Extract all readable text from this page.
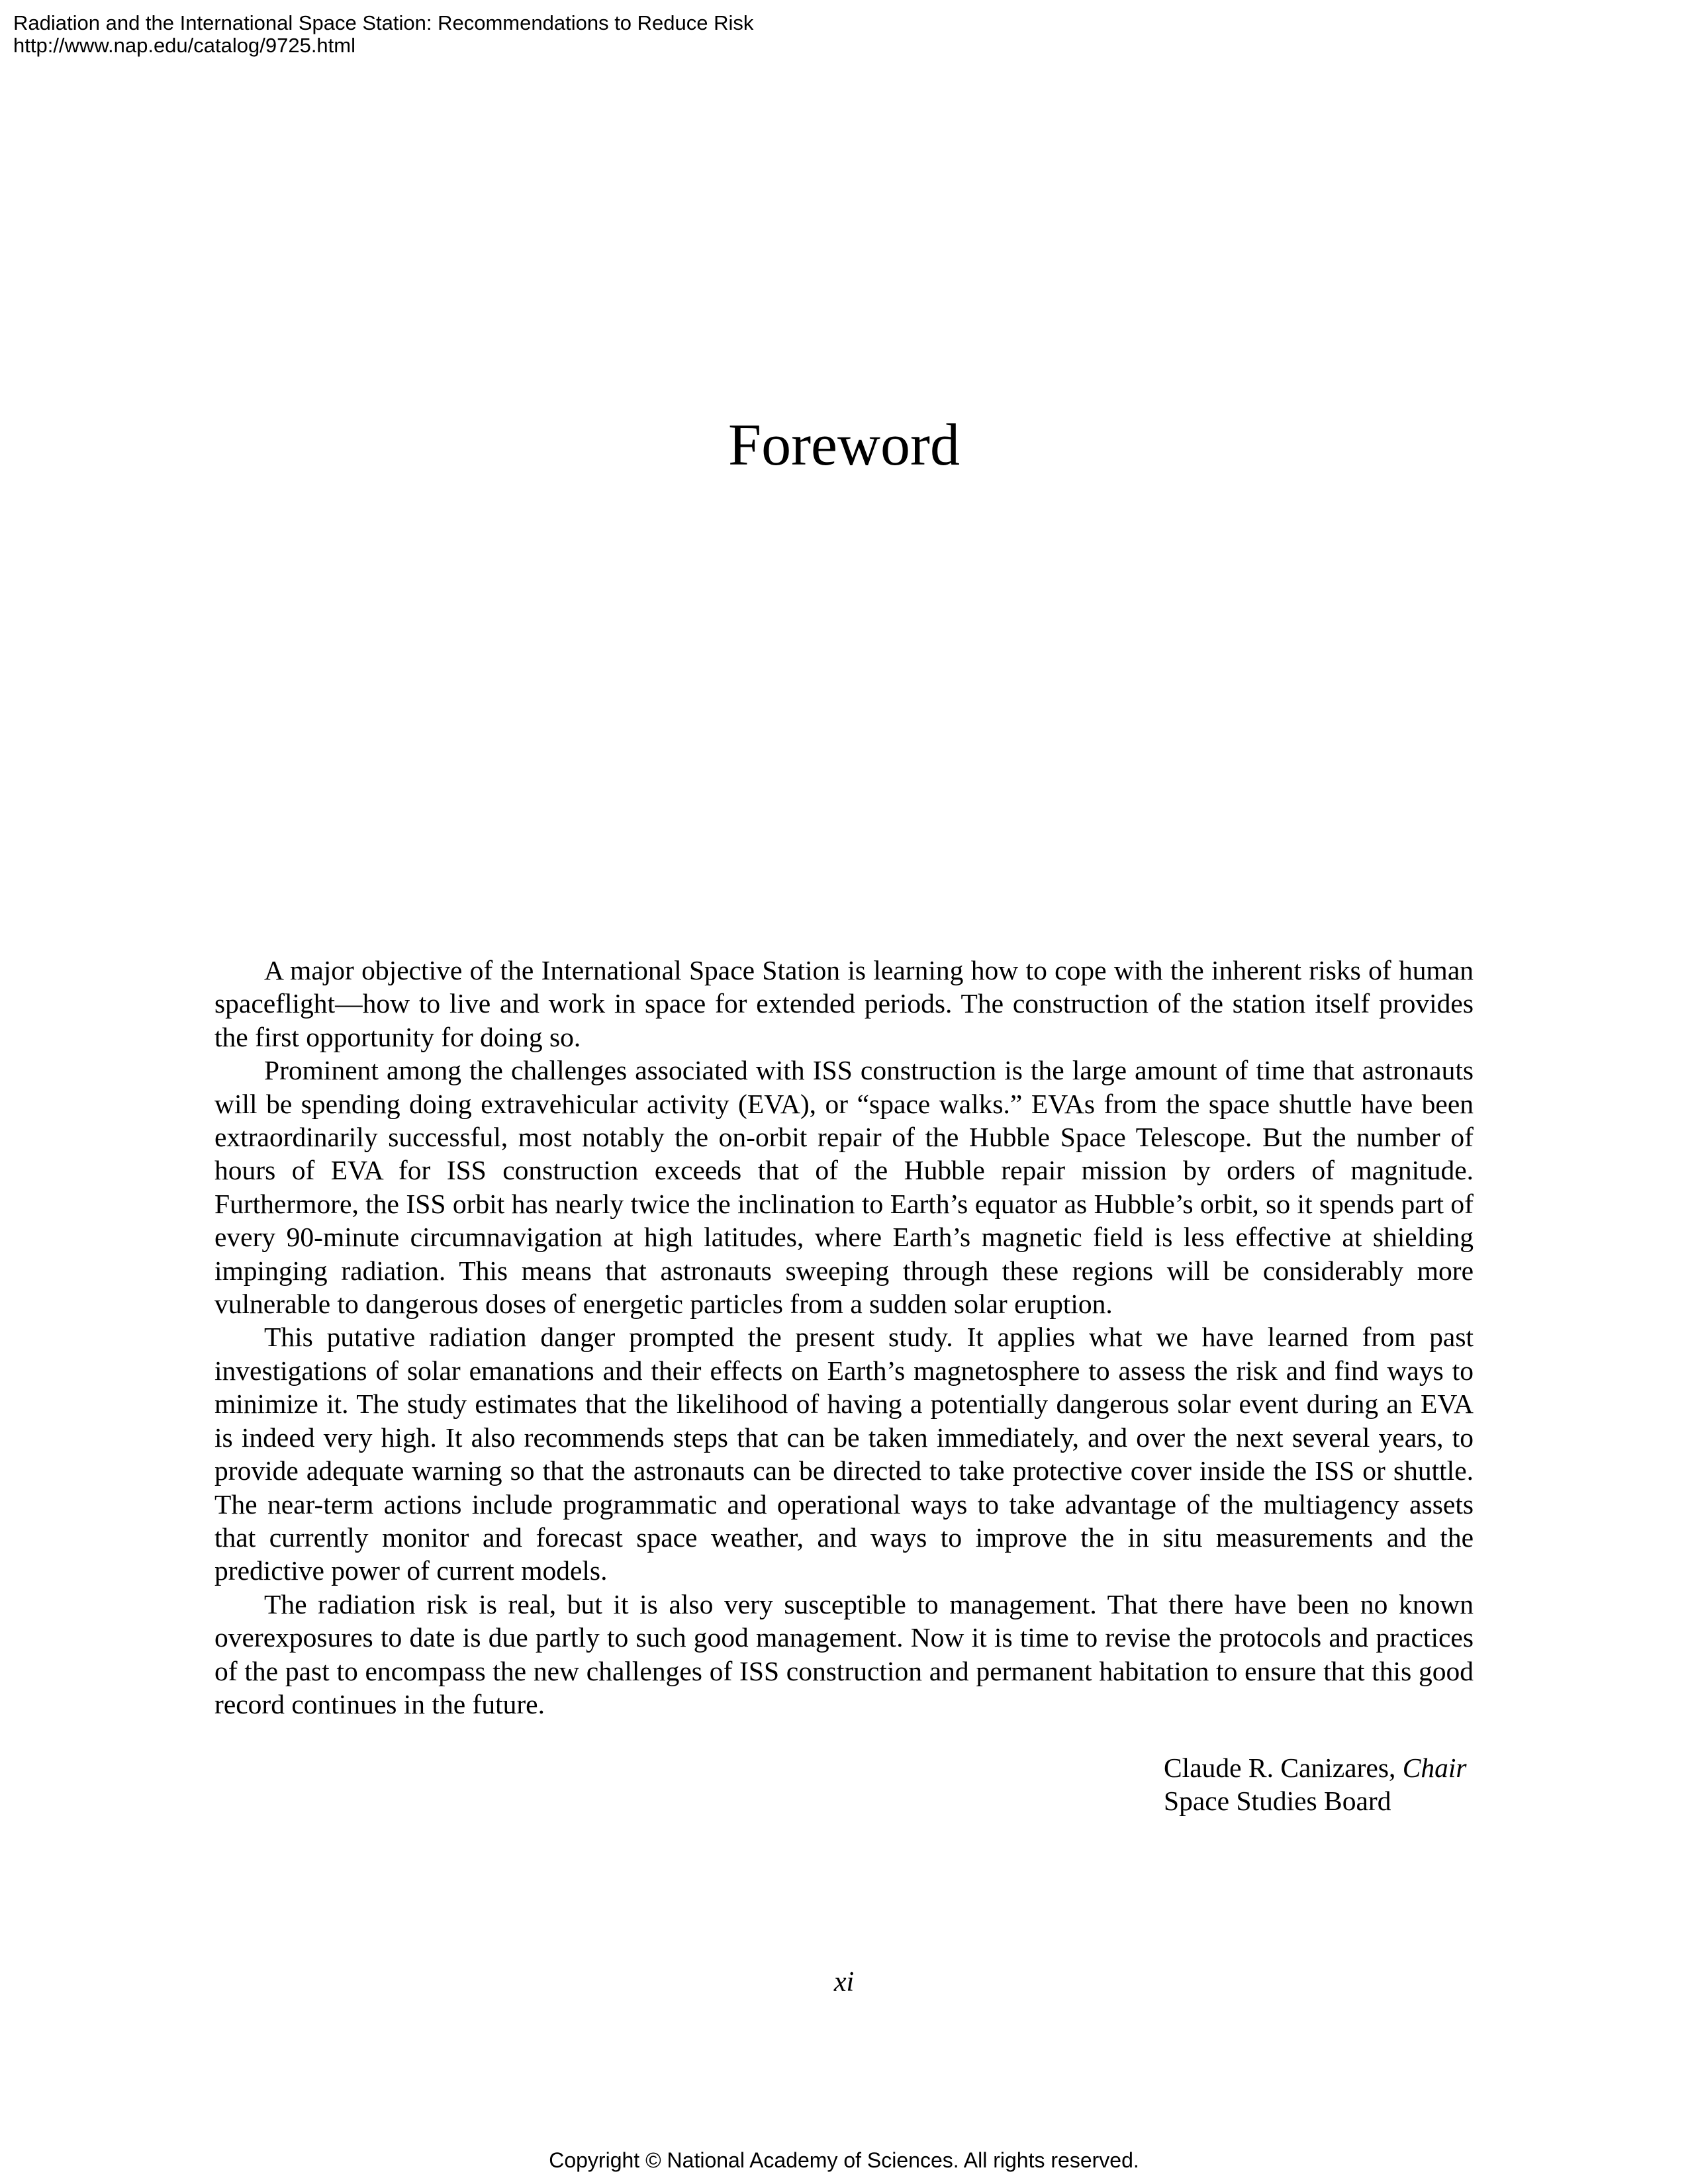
Radiation and the International Space Station: Recommendations to Reduce Risk
http://www.nap.edu/catalog/9725.html
Foreword

A major objective of the International Space Station is learning how to cope with the inherent risks of human spaceflight—how to live and work in space for extended periods. The construction of the station itself provides the first opportunity for doing so.

Prominent among the challenges associated with ISS construction is the large amount of time that astronauts will be spending doing extravehicular activity (EVA), or “space walks.” EVAs from the space shuttle have been extraordinarily successful, most notably the on-orbit repair of the Hubble Space Telescope. But the number of hours of EVA for ISS construction exceeds that of the Hubble repair mission by orders of magnitude. Furthermore, the ISS orbit has nearly twice the inclination to Earth’s equator as Hubble’s orbit, so it spends part of every 90-minute circumnavigation at high latitudes, where Earth’s magnetic field is less effective at shielding impinging radiation. This means that astronauts sweeping through these regions will be considerably more vulnerable to dangerous doses of energetic particles from a sudden solar eruption.

This putative radiation danger prompted the present study. It applies what we have learned from past investigations of solar emanations and their effects on Earth’s magnetosphere to assess the risk and find ways to minimize it. The study estimates that the likelihood of having a potentially dangerous solar event during an EVA is indeed very high. It also recommends steps that can be taken immediately, and over the next several years, to provide adequate warning so that the astronauts can be directed to take protective cover inside the ISS or shuttle. The near-term actions include programmatic and operational ways to take advantage of the multiagency assets that currently monitor and forecast space weather, and ways to improve the in situ measurements and the predictive power of current models.

The radiation risk is real, but it is also very susceptible to management. That there have been no known overexposures to date is due partly to such good management. Now it is time to revise the protocols and practices of the past to encompass the new challenges of ISS construction and permanent habitation to ensure that this good record continues in the future.

Claude R. Canizares, Chair
Space Studies Board
xi
Copyright © National Academy of Sciences. All rights reserved.
